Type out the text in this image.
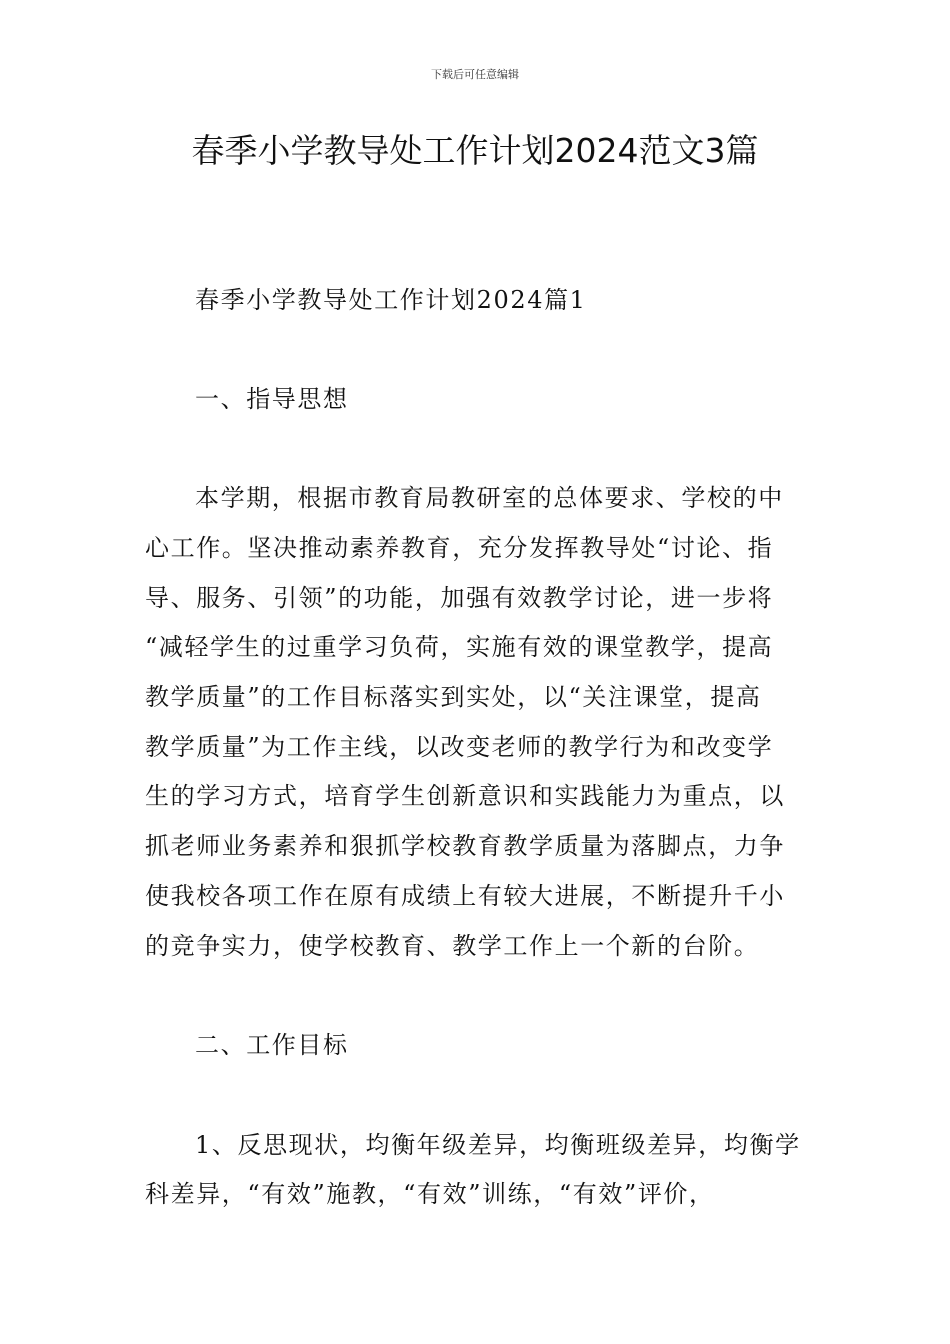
下载后可任意编辑
春季小学教导处工作计划2024范文3篇
春季小学教导处工作计划2024篇1
一、指导思想
本学期，根据市教育局教研室的总体要求、学校的中
心工作。坚决推动素养教育，充分发挥教导处“讨论、指
导、服务、引领”的功能，加强有效教学讨论，进一步将
“减轻学生的过重学习负荷，实施有效的课堂教学，提高
教学质量”的工作目标落实到实处，以“关注课堂，提高
教学质量”为工作主线，以改变老师的教学行为和改变学
生的学习方式，培育学生创新意识和实践能力为重点，以
抓老师业务素养和狠抓学校教育教学质量为落脚点，力争
使我校各项工作在原有成绩上有较大进展，不断提升千小
的竞争实力，使学校教育、教学工作上一个新的台阶。
二、工作目标
1、反思现状，均衡年级差异，均衡班级差异，均衡学
科差异，“有效”施教，“有效”训练，“有效”评价，
